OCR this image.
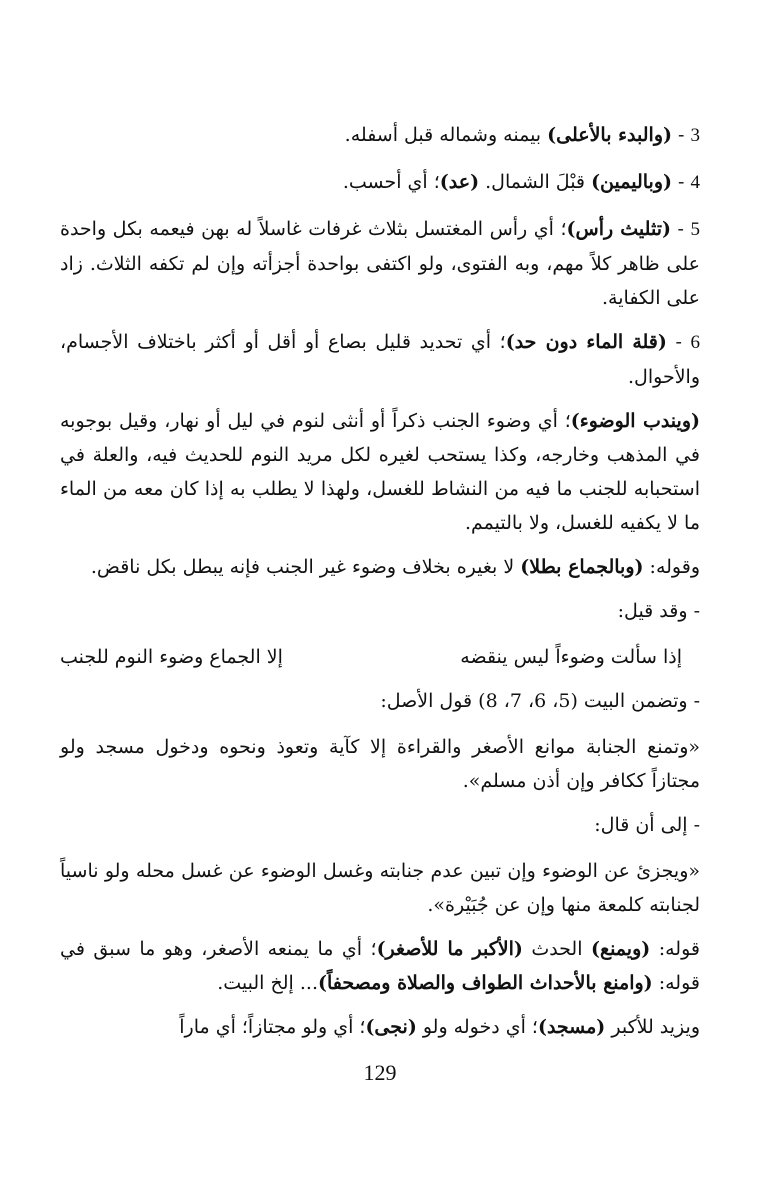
3 - (والبدء بالأعلى) بيمنه وشماله قبل أسفله.

4 - (وباليمين) قبْلَ الشمال. (عد)؛ أي أحسب.

5 - (تثليث رأس)؛ أي رأس المغتسل بثلاث غرفات غاسلاً له بهن فيعمه بكل واحدة على ظاهر كلاً مهم، وبه الفتوى، ولو اكتفى بواحدة أجزأته وإن لم تكفه الثلاث. زاد على الكفاية.

6 - (قلة الماء دون حد)؛ أي تحديد قليل بصاع أو أقل أو أكثر باختلاف الأجسام، والأحوال.

(ويندب الوضوء)؛ أي وضوء الجنب ذكراً أو أنثى لنوم في ليل أو نهار، وقيل بوجوبه في المذهب وخارجه، وكذا يستحب لغيره لكل مريد النوم للحديث فيه، والعلة في استحبابه للجنب ما فيه من النشاط للغسل، ولهذا لا يطلب به إذا كان معه من الماء ما لا يكفيه للغسل، ولا بالتيمم.

وقوله: (وبالجماع بطلا) لا بغيره بخلاف وضوء غير الجنب فإنه يبطل بكل ناقض.

- وقد قيل:

إذا سألت وضوءاً ليس ينقضه
إلا الجماع وضوء النوم للجنب

- وتضمن البيت (5، 6، 7، 8) قول الأصل:

«وتمنع الجنابة موانع الأصغر والقراءة إلا كآية وتعوذ ونحوه ودخول مسجد ولو مجتازاً ككافر وإن أذن مسلم».

- إلى أن قال:

«ويجزئ عن الوضوء وإن تبين عدم جنابته وغسل الوضوء عن غسل محله ولو ناسياً لجنابته كلمعة منها وإن عن جُبَيْرة».

قوله: (ويمنع) الحدث (الأكبر ما للأصغر)؛ أي ما يمنعه الأصغر، وهو ما سبق في قوله: (وامنع بالأحداث الطواف والصلاة ومصحفاً)... إلخ البيت.

ويزيد للأكبر (مسجد)؛ أي دخوله ولو (نجى)؛ أي ولو مجتازاً؛ أي ماراً

129
